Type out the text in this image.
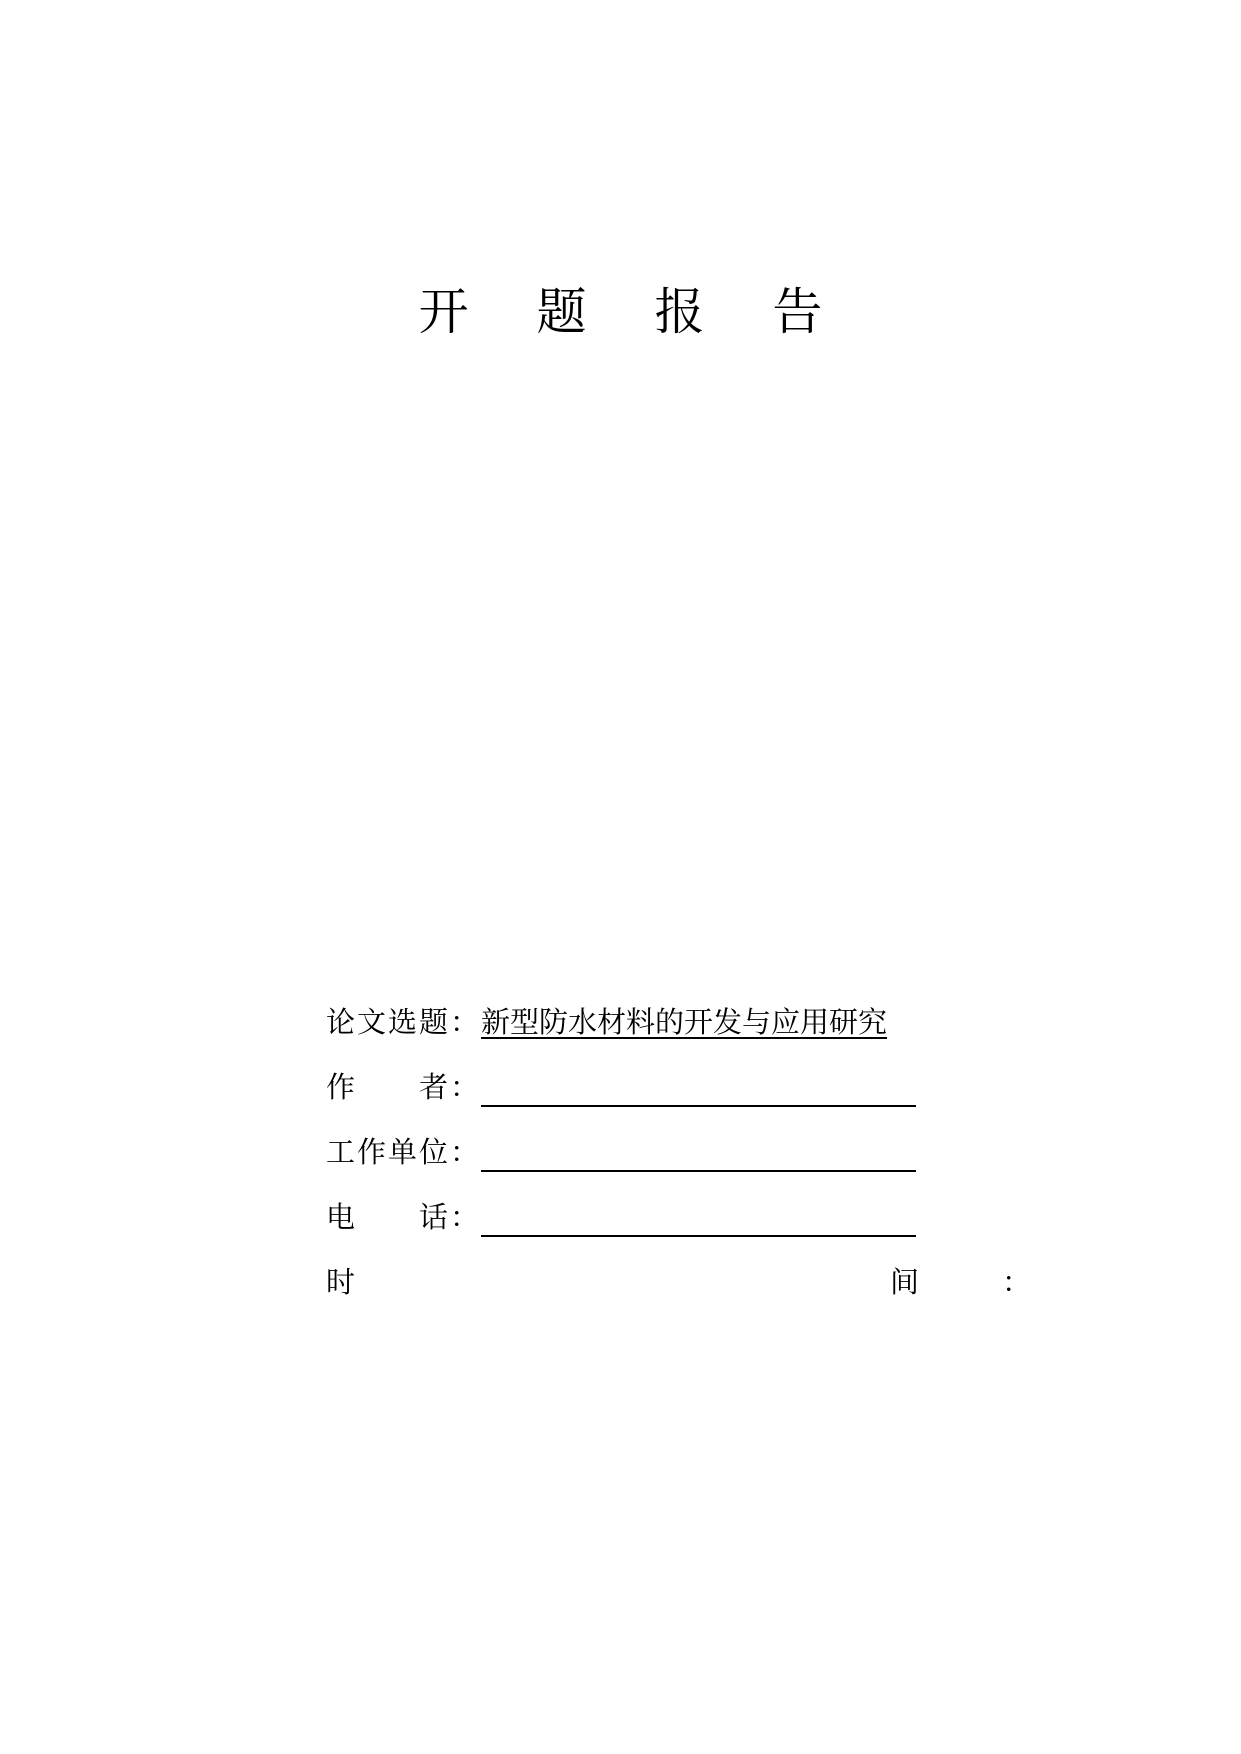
开 题 报 告
论 文 选 题 ： 新型防水材料的开发与应用研究
作 者 ：
工 作 单 位 ：
电 话 ：
时	间	：
